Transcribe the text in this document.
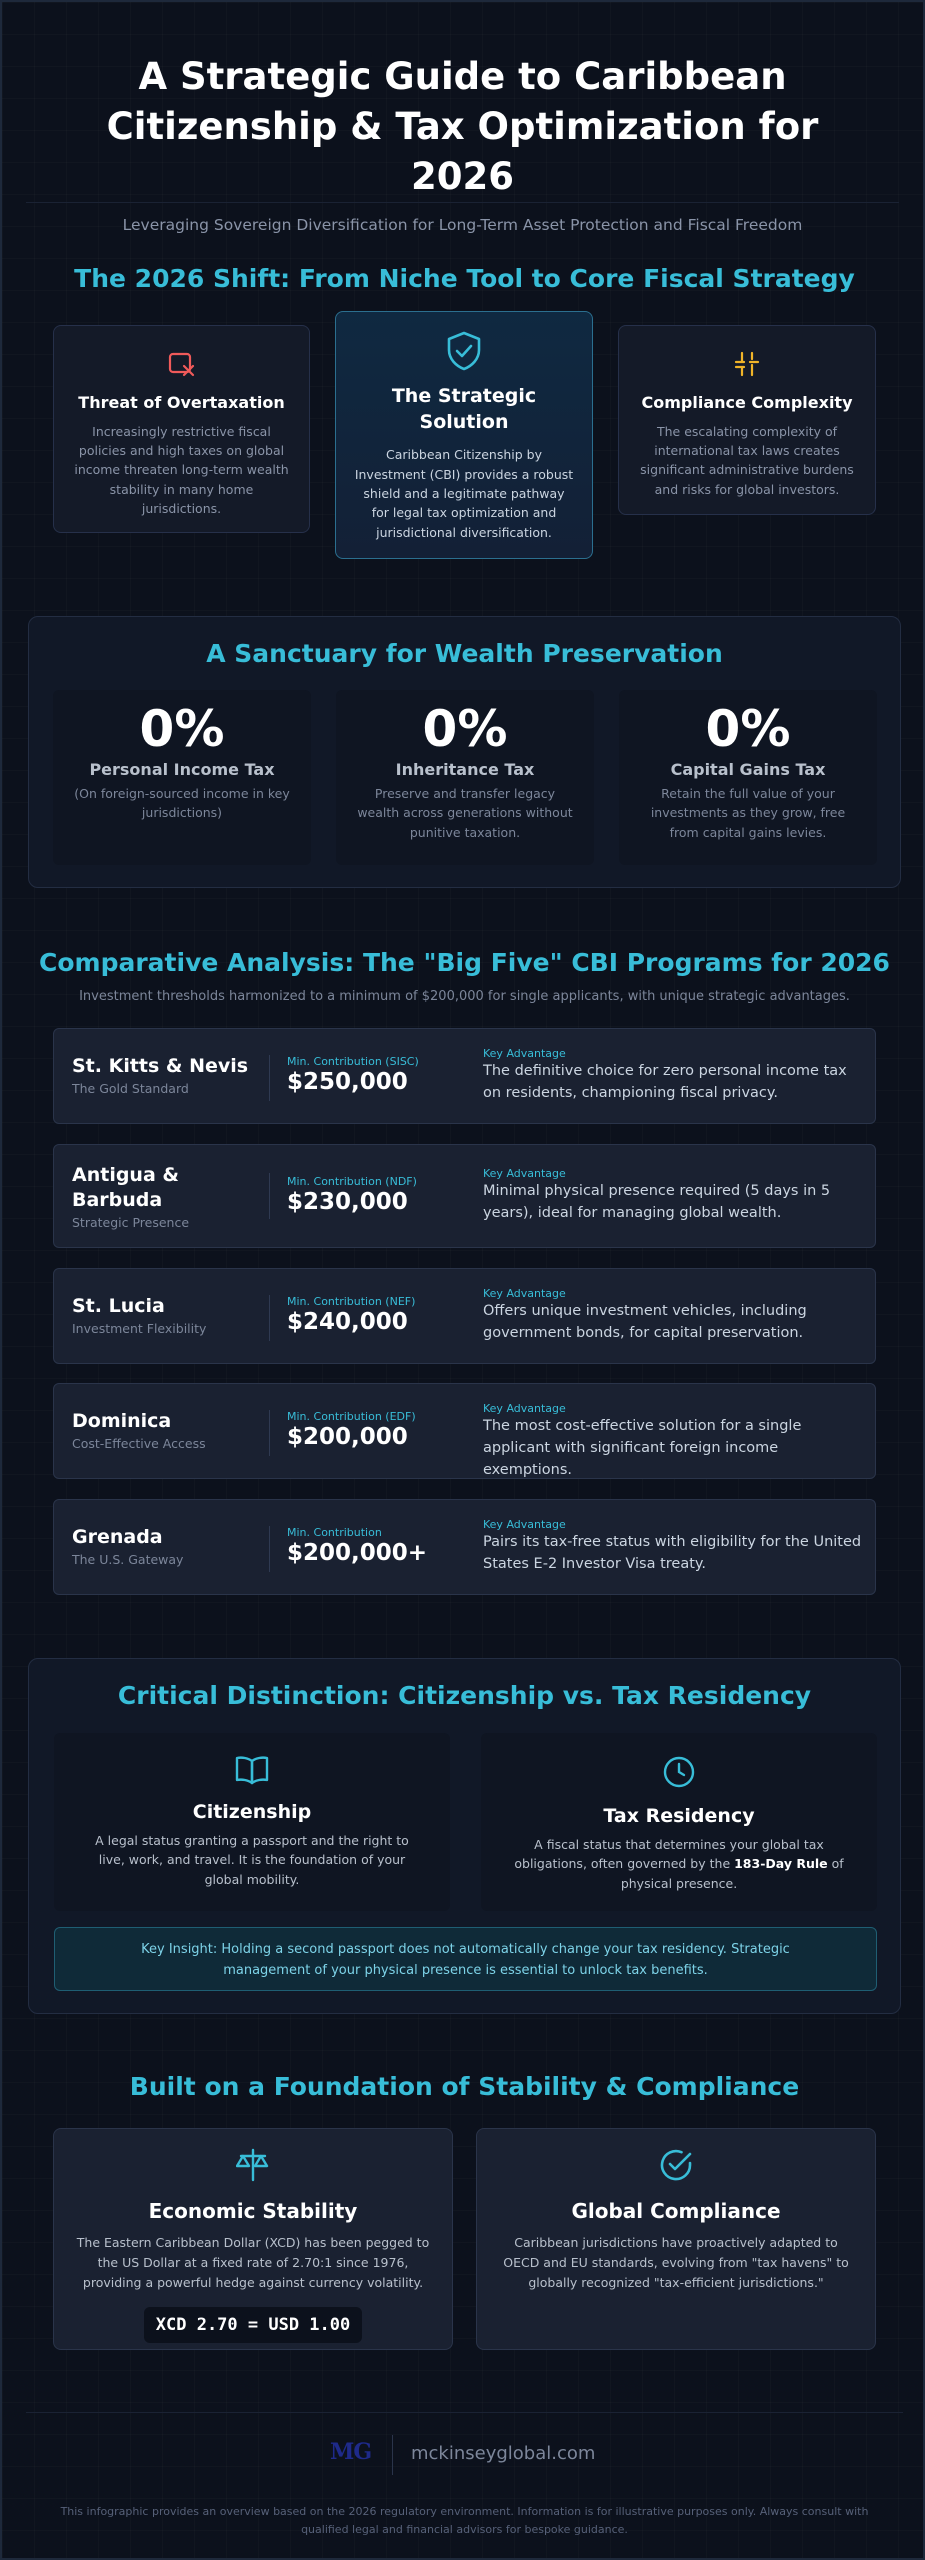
A Strategic Guide to Caribbean Citizenship & Tax Optimization for 2026
Leveraging Sovereign Diversification for Long-Term Asset Protection and Fiscal Freedom
The 2026 Shift: From Niche Tool to Core Fiscal Strategy
Threat of Overtaxation

Increasingly restrictive fiscal policies and high taxes on global income threaten long-term wealth stability in many home jurisdictions.

The Strategic Solution

Caribbean Citizenship by Investment (CBI) provides a robust shield and a legitimate pathway for legal tax optimization and jurisdictional diversification.

Compliance Complexity

The escalating complexity of international tax laws creates significant administrative burdens and risks for global investors.

A Sanctuary for Wealth Preservation
0%
Personal Income Tax

(On foreign-sourced income in key jurisdictions)

0%
Inheritance Tax

Preserve and transfer legacy wealth across generations without punitive taxation.

0%
Capital Gains Tax

Retain the full value of your investments as they grow, free from capital gains levies.

Comparative Analysis: The "Big Five" CBI Programs for 2026
Investment thresholds harmonized to a minimum of $200,000 for single applicants, with unique strategic advantages.
St. Kitts & Nevis
The Gold Standard
Min. Contribution (SISC)
$250,000
Key Advantage
The definitive choice for zero personal income tax on residents, championing fiscal privacy.
Antigua & Barbuda
Strategic Presence
Min. Contribution (NDF)
$230,000
Key Advantage
Minimal physical presence required (5 days in 5 years), ideal for managing global wealth.
St. Lucia
Investment Flexibility
Min. Contribution (NEF)
$240,000
Key Advantage
Offers unique investment vehicles, including government bonds, for capital preservation.
Dominica
Cost-Effective Access
Min. Contribution (EDF)
$200,000
Key Advantage
The most cost-effective solution for a single applicant with significant foreign income exemptions.
Grenada
The U.S. Gateway
Min. Contribution
$200,000+
Key Advantage
Pairs its tax-free status with eligibility for the United States E-2 Investor Visa treaty.
Critical Distinction: Citizenship vs. Tax Residency
Citizenship

A legal status granting a passport and the right to live, work, and travel. It is the foundation of your global mobility.

Tax Residency

A fiscal status that determines your global tax obligations, often governed by the 183-Day Rule of physical presence.

Key Insight: Holding a second passport does not automatically change your tax residency. Strategic management of your physical presence is essential to unlock tax benefits.
Built on a Foundation of Stability & Compliance
Economic Stability

The Eastern Caribbean Dollar (XCD) has been pegged to the US Dollar at a fixed rate of 2.70:1 since 1976, providing a powerful hedge against currency volatility.

XCD 2.70 = USD 1.00
Global Compliance

Caribbean jurisdictions have proactively adapted to OECD and EU standards, evolving from "tax havens" to globally recognized "tax-efficient jurisdictions."

MG mckinseyglobal.com
This infographic provides an overview based on the 2026 regulatory environment. Information is for illustrative purposes only. Always consult with qualified legal and financial advisors for bespoke guidance.
